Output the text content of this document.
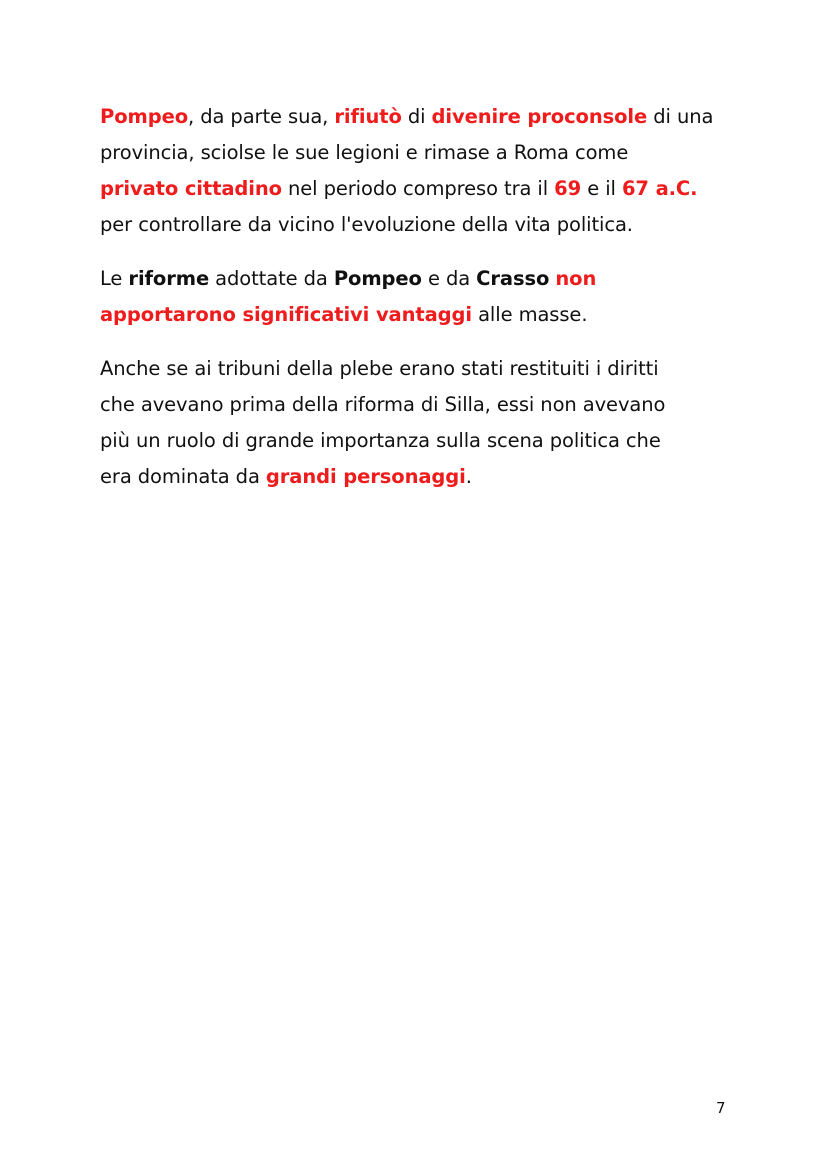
Pompeo, da parte sua, rifiutò di divenire proconsole di una
provincia, sciolse le sue legioni e rimase a Roma come
privato cittadino nel periodo compreso tra il 69 e il 67 a.C.
per controllare da vicino l'evoluzione della vita politica.

Le riforme adottate da Pompeo e da Crasso non
apportarono significativi vantaggi alle masse.

Anche se ai tribuni della plebe erano stati restituiti i diritti
che avevano prima della riforma di Silla, essi non avevano
più un ruolo di grande importanza sulla scena politica che
era dominata da grandi personaggi.

7
